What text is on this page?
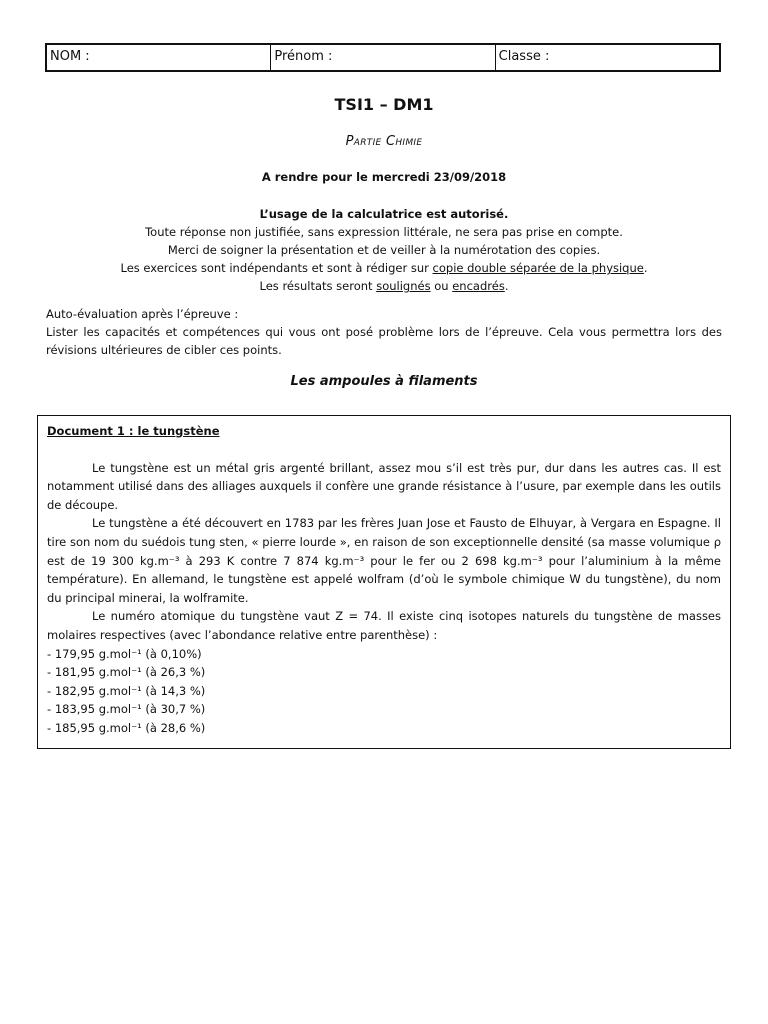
NOM :	Prénom :	Classe :
TSI1 – DM1
Partie Chimie
A rendre pour le mercredi 23/09/2018
L’usage de la calculatrice est autorisé.
Toute réponse non justifiée, sans expression littérale, ne sera pas prise en compte.
Merci de soigner la présentation et de veiller à la numérotation des copies.
Les exercices sont indépendants et sont à rédiger sur copie double séparée de la physique.
Les résultats seront soulignés ou encadrés.
Auto-évaluation après l’épreuve :
Lister les capacités et compétences qui vous ont posé problème lors de l’épreuve. Cela vous permettra lors des révisions ultérieures de cibler ces points.
Les ampoules à filaments
Document 1 : le tungstène

Le tungstène est un métal gris argenté brillant, assez mou s’il est très pur, dur dans les autres cas. Il est notamment utilisé dans des alliages auxquels il confère une grande résistance à l’usure, par exemple dans les outils de découpe.

Le tungstène a été découvert en 1783 par les frères Juan Jose et Fausto de Elhuyar, à Vergara en Espagne. Il tire son nom du suédois tung sten, « pierre lourde », en raison de son exceptionnelle densité (sa masse volumique ρ est de 19 300 kg.m⁻³ à 293 K contre 7 874 kg.m⁻³ pour le fer ou 2 698 kg.m⁻³ pour l’aluminium à la même température). En allemand, le tungstène est appelé wolfram (d’où le symbole chimique W du tungstène), du nom du principal minerai, la wolframite.

Le numéro atomique du tungstène vaut Z = 74. Il existe cinq isotopes naturels du tungstène de masses molaires respectives (avec l’abondance relative entre parenthèse) :

- 179,95 g.mol⁻¹ (à 0,10%)
- 181,95 g.mol⁻¹ (à 26,3 %)
- 182,95 g.mol⁻¹ (à 14,3 %)
- 183,95 g.mol⁻¹ (à 30,7 %)
- 185,95 g.mol⁻¹ (à 28,6 %)
